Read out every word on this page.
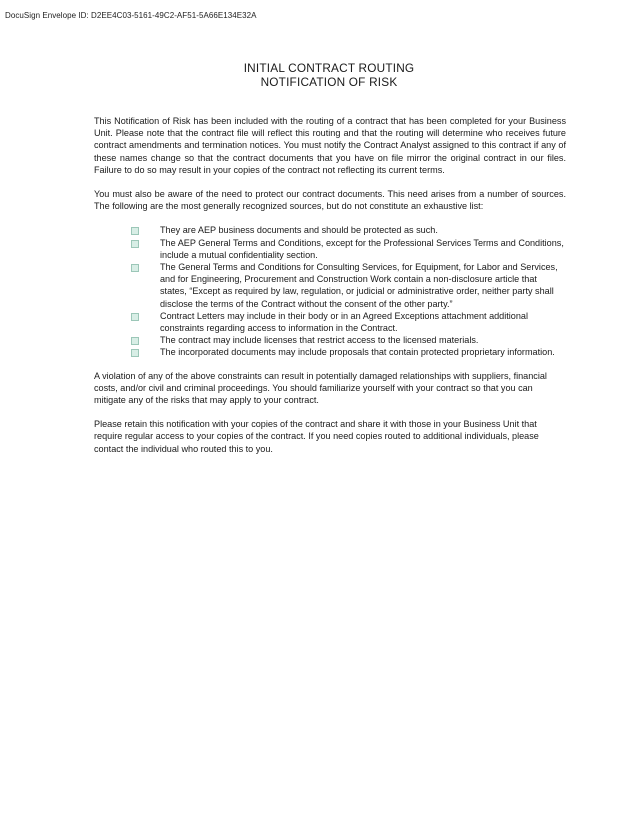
DocuSign Envelope ID: D2EE4C03-5161-49C2-AF51-5A66E134E32A
INITIAL CONTRACT ROUTING
NOTIFICATION OF RISK

This Notification of Risk has been included with the routing of a contract that has been completed for your Business Unit. Please note that the contract file will reflect this routing and that the routing will determine who receives future contract amendments and termination notices. You must notify the Contract Analyst assigned to this contract if any of these names change so that the contract documents that you have on file mirror the original contract in our files. Failure to do so may result in your copies of the contract not reflecting its current terms.

You must also be aware of the need to protect our contract documents. This need arises from a number of sources. The following are the most generally recognized sources, but do not constitute an exhaustive list:

They are AEP business documents and should be protected as such.
The AEP General Terms and Conditions, except for the Professional Services Terms and Conditions, include a mutual confidentiality section.
The General Terms and Conditions for Consulting Services, for Equipment, for Labor and Services, and for Engineering, Procurement and Construction Work contain a non-disclosure article that states, “Except as required by law, regulation, or judicial or administrative order, neither party shall disclose the terms of the Contract without the consent of the other party.”
Contract Letters may include in their body or in an Agreed Exceptions attachment additional constraints regarding access to information in the Contract.
The contract may include licenses that restrict access to the licensed materials.
The incorporated documents may include proposals that contain protected proprietary information.

A violation of any of the above constraints can result in potentially damaged relationships with suppliers, financial costs, and/or civil and criminal proceedings. You should familiarize yourself with your contract so that you can mitigate any of the risks that may apply to your contract.

Please retain this notification with your copies of the contract and share it with those in your Business Unit that require regular access to your copies of the contract. If you need copies routed to additional individuals, please contact the individual who routed this to you.
